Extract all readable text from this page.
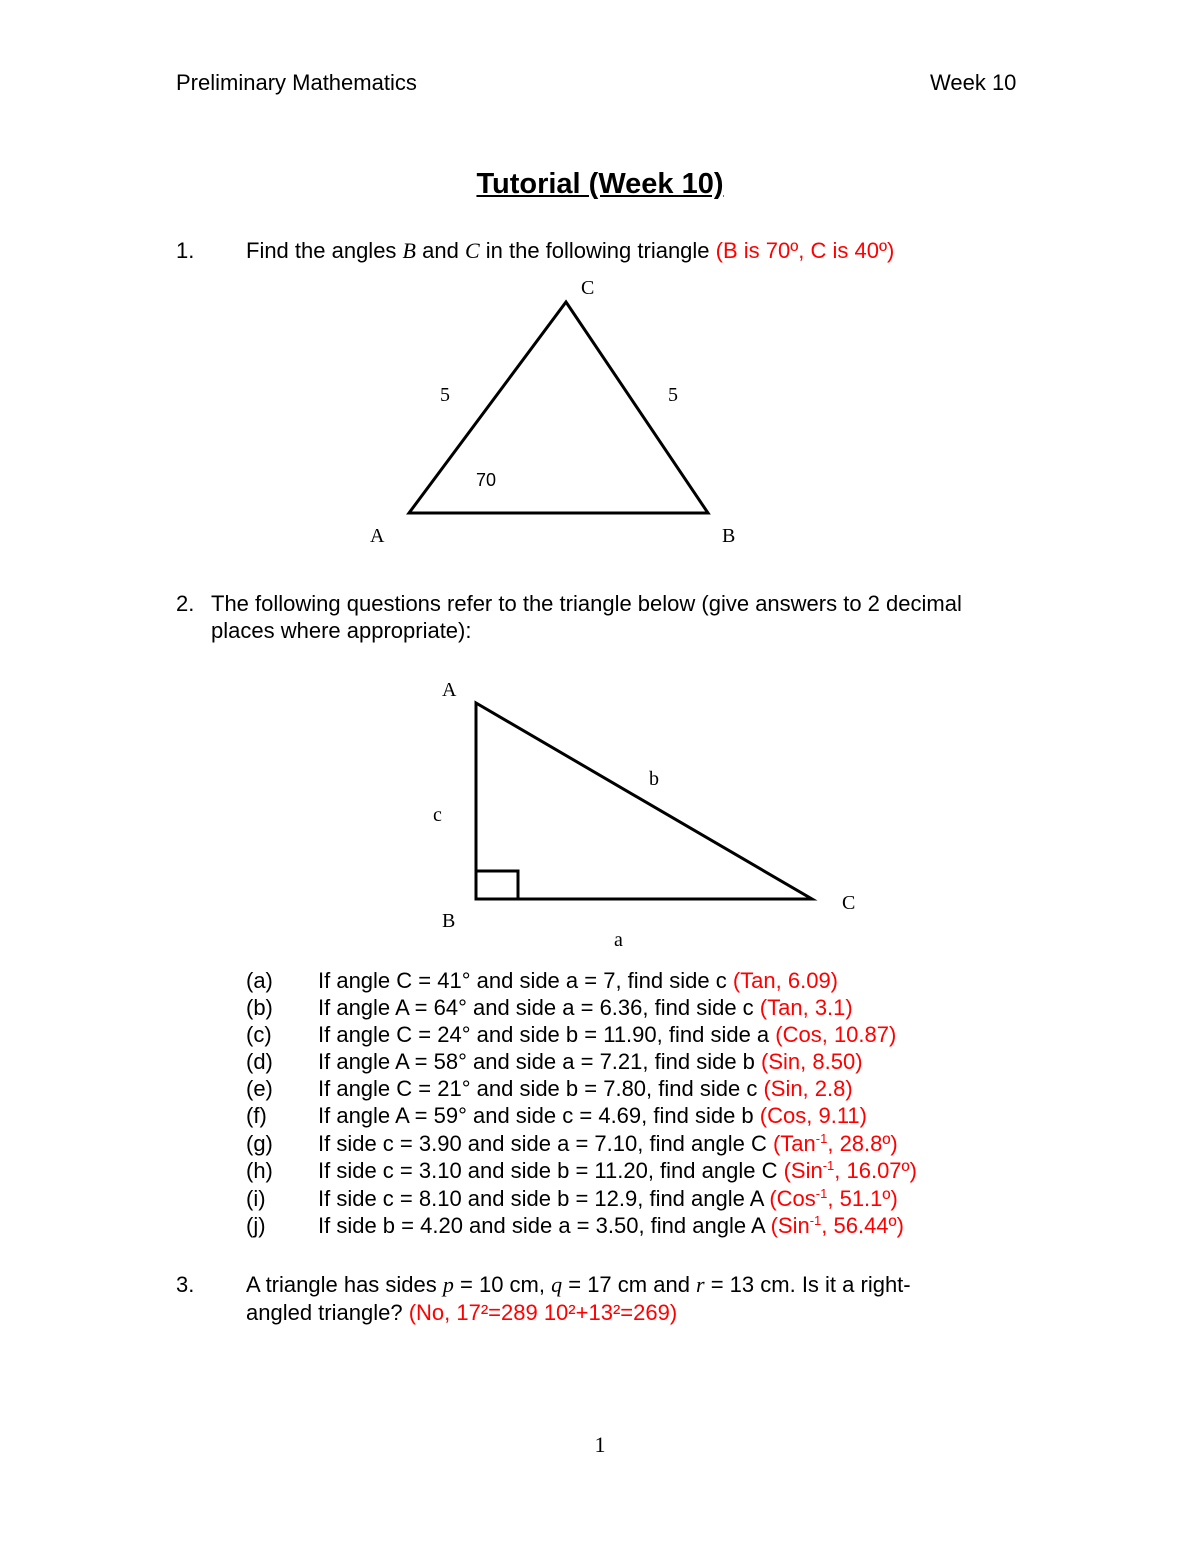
Preliminary Mathematics	Week 10
Tutorial (Week 10)
1. Find the angles B and C in the following triangle (B is 70º, C is 40º)
C
5	5
70
A	B
2. The following questions refer to the triangle below (give answers to 2 decimal
places where appropriate):
A
b
c
C
B
a
(a) If angle C = 41° and side a = 7, find side c (Tan, 6.09)
(b) If angle A = 64° and side a = 6.36, find side c (Tan, 3.1)
(c) If angle C = 24° and side b = 11.90, find side a (Cos, 10.87)
(d) If angle A = 58° and side a = 7.21, find side b (Sin, 8.50)
(e) If angle C = 21° and side b = 7.80, find side c (Sin, 2.8)
(f) If angle A = 59° and side c = 4.69, find side b (Cos, 9.11)
(g) If side c = 3.90 and side a = 7.10, find angle C (Tan$^{-1}$, 28.8º)
(h) If side c = 3.10 and side b = 11.20, find angle C (Sin$^{-1}$, 16.07º)
(i) If side c = 8.10 and side b = 12.9, find angle A (Cos$^{-1}$, 51.1º)
(j) If side b = 4.20 and side a = 3.50, find angle A (Sin$^{-1}$, 56.44º)
3. A triangle has sides p = 10 cm, q = 17 cm and r = 13 cm. Is it a right-
angled triangle? (No, 17²=289 10²+13²=269)
1
